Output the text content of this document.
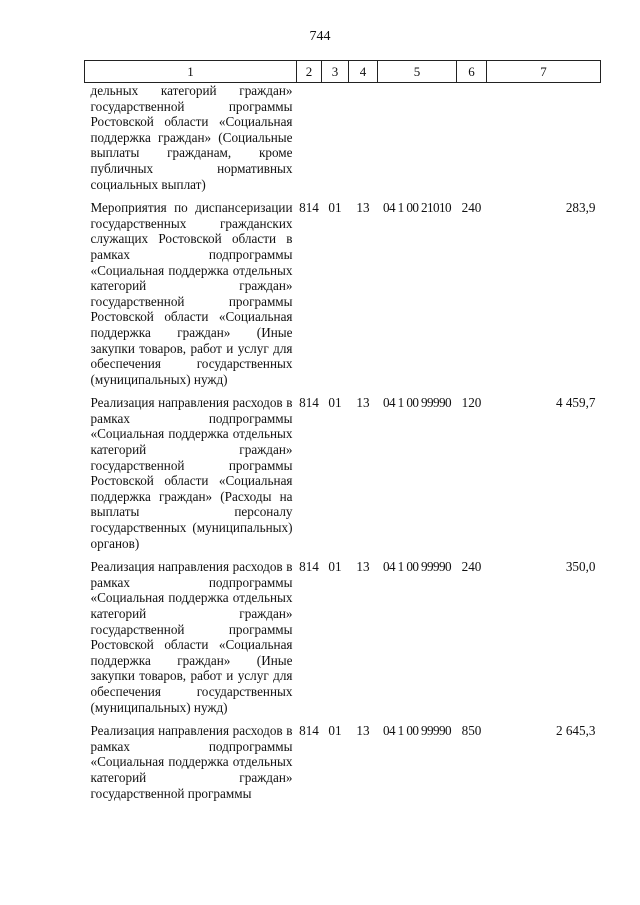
744
1	2	3	4	5	6	7
дельных категорий граждан» государственной программы Ростовской области «Социальная поддержка граждан» (Социальные выплаты гражданам, кроме публичных нормативных социальных выплат)						
Мероприятия по диспансеризации государственных гражданских служащих Ростовской области в рамках подпрограммы «Социальная поддержка отдельных категорий граждан» государственной программы Ростовской области «Социальная поддержка граждан» (Иные закупки товаров, работ и услуг для обеспечения государственных (муниципальных) нужд)	814	01	13	04 1 00 21010	240	283,9
Реализация направления расходов в рамках подпрограммы «Социальная поддержка отдельных категорий граждан» государственной программы Ростовской области «Социальная поддержка граждан» (Расходы на выплаты персоналу государственных (муниципальных) органов)	814	01	13	04 1 00 99990	120	4 459,7
Реализация направления расходов в рамках подпрограммы «Социальная поддержка отдельных категорий граждан» государственной программы Ростовской области «Социальная поддержка граждан» (Иные закупки товаров, работ и услуг для обеспечения государственных (муниципальных) нужд)	814	01	13	04 1 00 99990	240	350,0
Реализация направления расходов в рамках подпрограммы «Социальная поддержка отдельных категорий граждан» государственной программы	814	01	13	04 1 00 99990	850	2 645,3
